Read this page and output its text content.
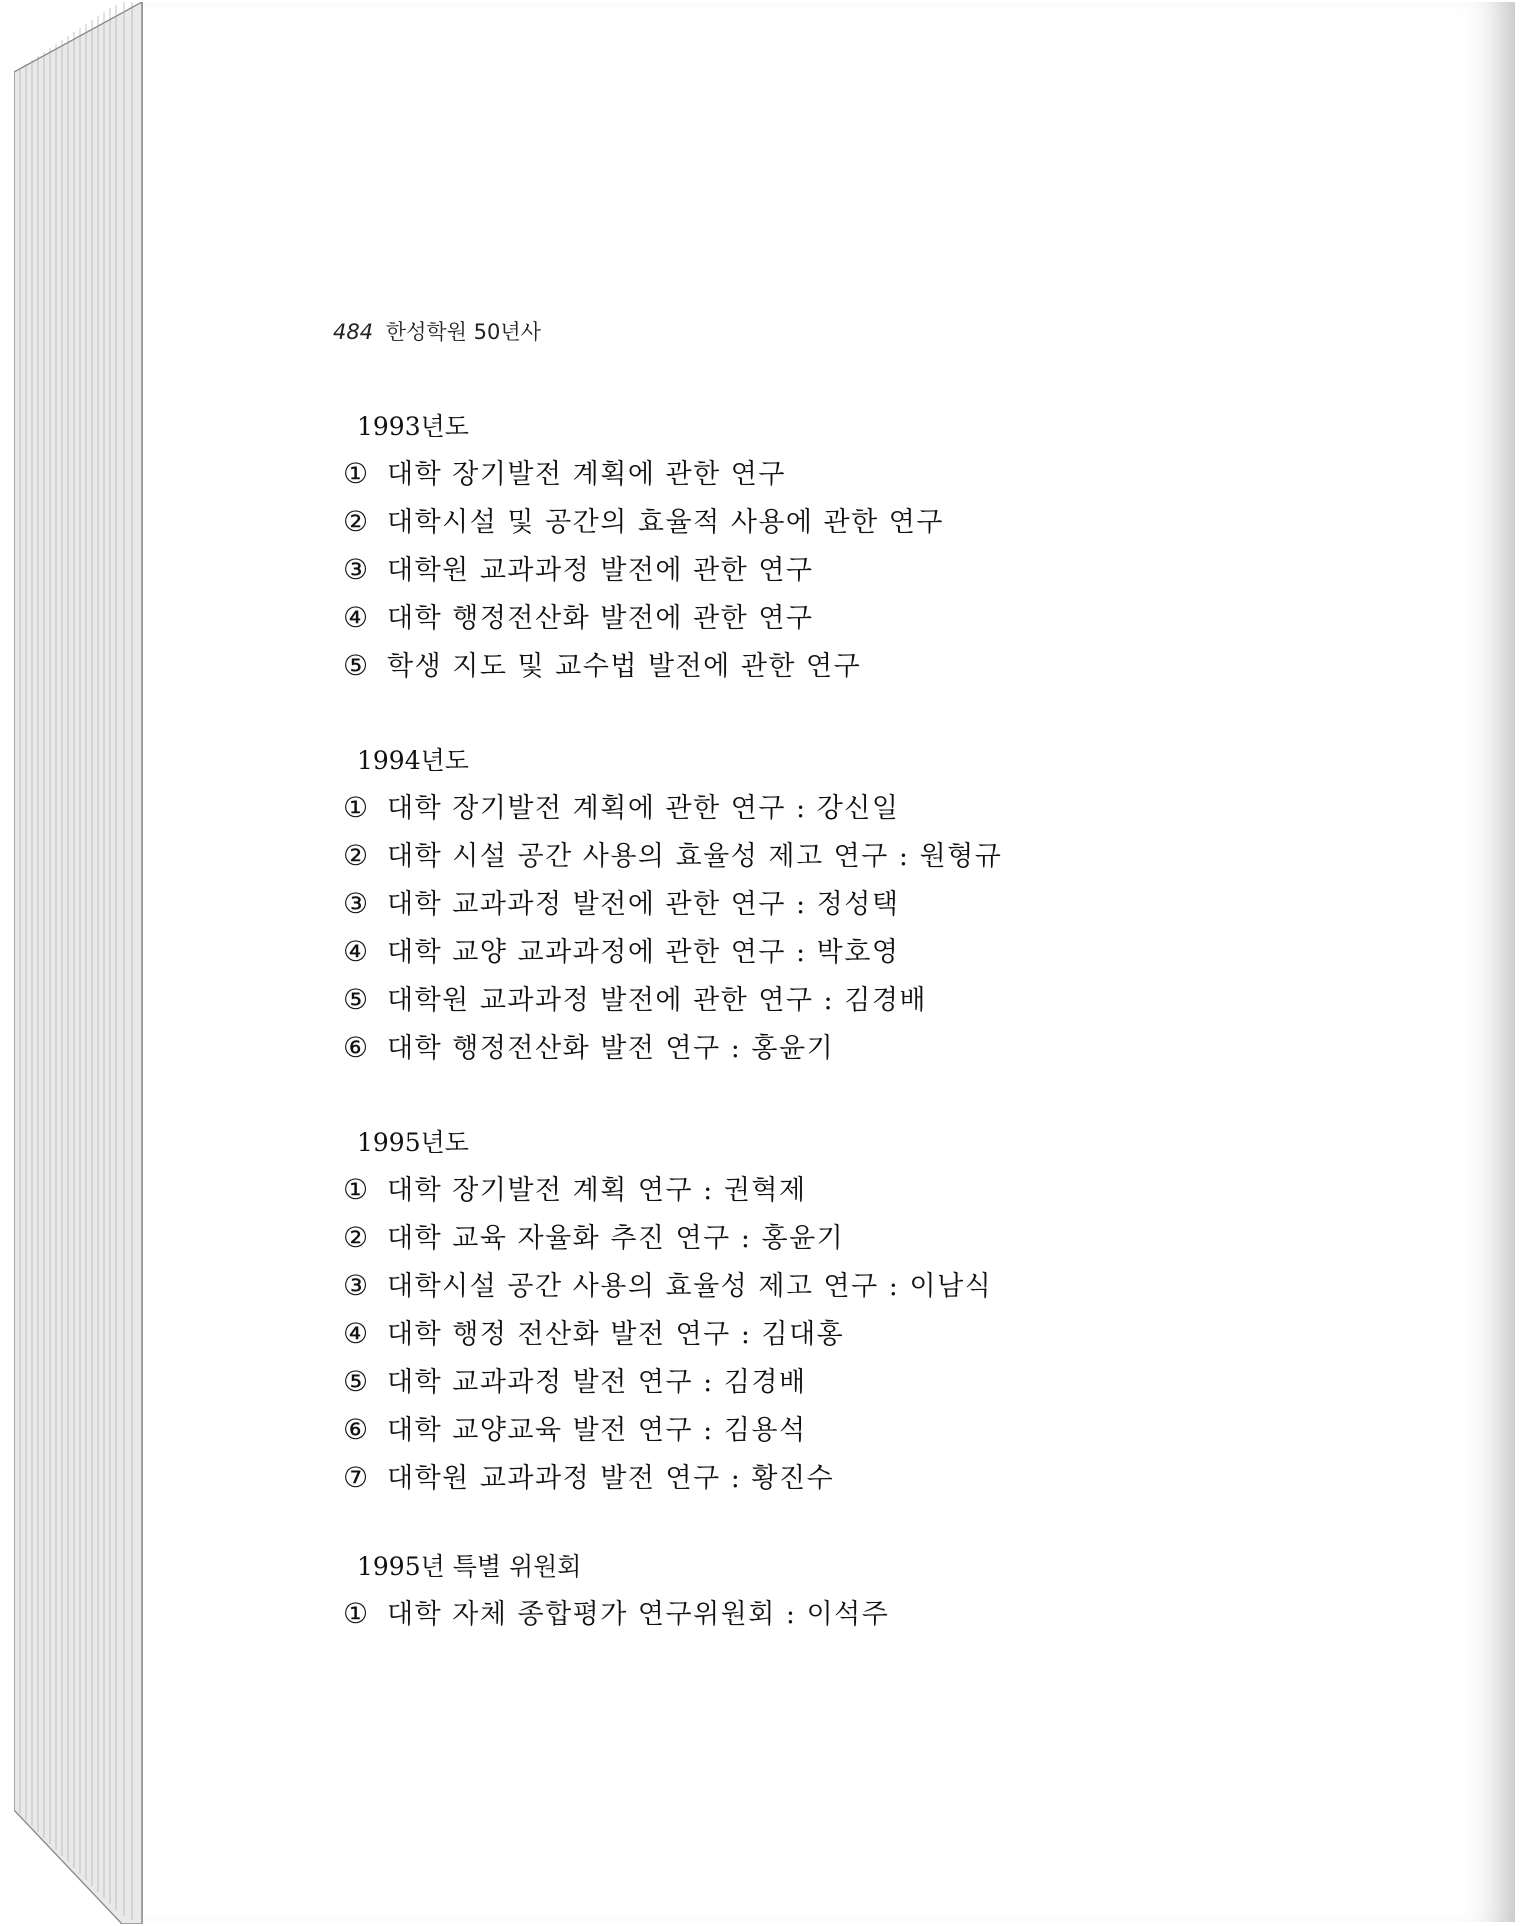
484 한성학원 50년사
1993년도
① 대학 장기발전 계획에 관한 연구
② 대학시설 및 공간의 효율적 사용에 관한 연구
③ 대학원 교과과정 발전에 관한 연구
④ 대학 행정전산화 발전에 관한 연구
⑤ 학생 지도 및 교수법 발전에 관한 연구
1994년도
① 대학 장기발전 계획에 관한 연구 : 강신일
② 대학 시설 공간 사용의 효율성 제고 연구 : 원형규
③ 대학 교과과정 발전에 관한 연구 : 정성택
④ 대학 교양 교과과정에 관한 연구 : 박호영
⑤ 대학원 교과과정 발전에 관한 연구 : 김경배
⑥ 대학 행정전산화 발전 연구 : 홍윤기
1995년도
① 대학 장기발전 계획 연구 : 권혁제
② 대학 교육 자율화 추진 연구 : 홍윤기
③ 대학시설 공간 사용의 효율성 제고 연구 : 이남식
④ 대학 행정 전산화 발전 연구 : 김대홍
⑤ 대학 교과과정 발전 연구 : 김경배
⑥ 대학 교양교육 발전 연구 : 김용석
⑦ 대학원 교과과정 발전 연구 : 황진수
1995년 특별 위원회
① 대학 자체 종합평가 연구위원회 : 이석주
